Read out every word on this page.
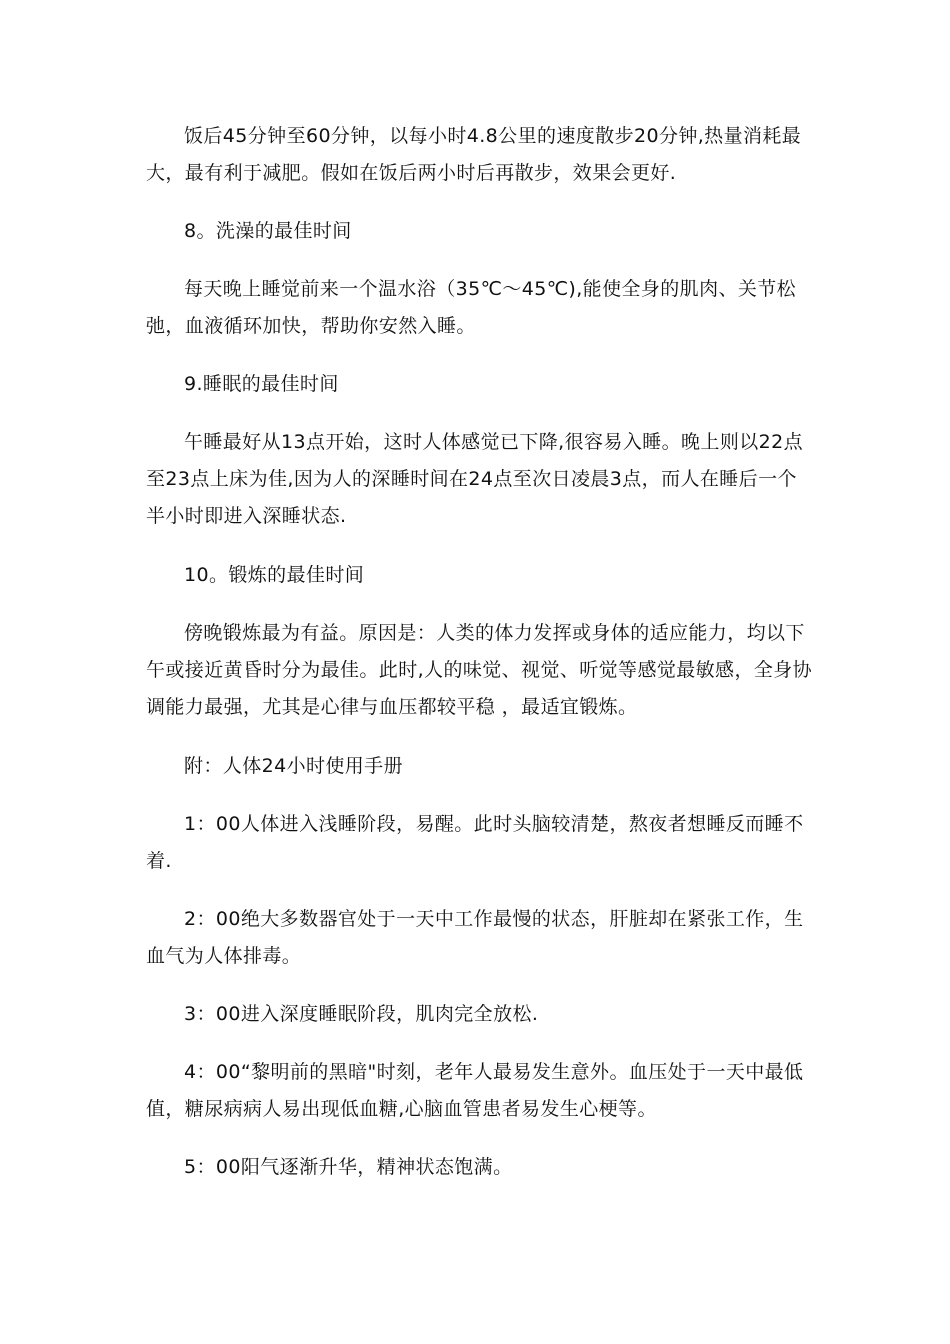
饭后45分钟至60分钟，以每小时4.8公里的速度散步20分钟,热量消耗最大，最有利于减肥。假如在饭后两小时后再散步，效果会更好.

8。洗澡的最佳时间

每天晚上睡觉前来一个温水浴（35℃～45℃),能使全身的肌肉、关节松弛，血液循环加快，帮助你安然入睡。

9.睡眠的最佳时间

午睡最好从13点开始，这时人体感觉已下降,很容易入睡。晚上则以22点至23点上床为佳,因为人的深睡时间在24点至次日凌晨3点，而人在睡后一个半小时即进入深睡状态.

10。锻炼的最佳时间

傍晚锻炼最为有益。原因是：人类的体力发挥或身体的适应能力，均以下午或接近黄昏时分为最佳。此时,人的味觉、视觉、听觉等感觉最敏感，全身协调能力最强，尤其是心律与血压都较平稳 ，最适宜锻炼。

附：人体24小时使用手册

1：00人体进入浅睡阶段，易醒。此时头脑较清楚，熬夜者想睡反而睡不着.

2：00绝大多数器官处于一天中工作最慢的状态，肝脏却在紧张工作，生血气为人体排毒。

3：00进入深度睡眠阶段，肌肉完全放松.

4：00“黎明前的黑暗"时刻，老年人最易发生意外。血压处于一天中最低值，糖尿病病人易出现低血糖,心脑血管患者易发生心梗等。

5：00阳气逐渐升华，精神状态饱满。
